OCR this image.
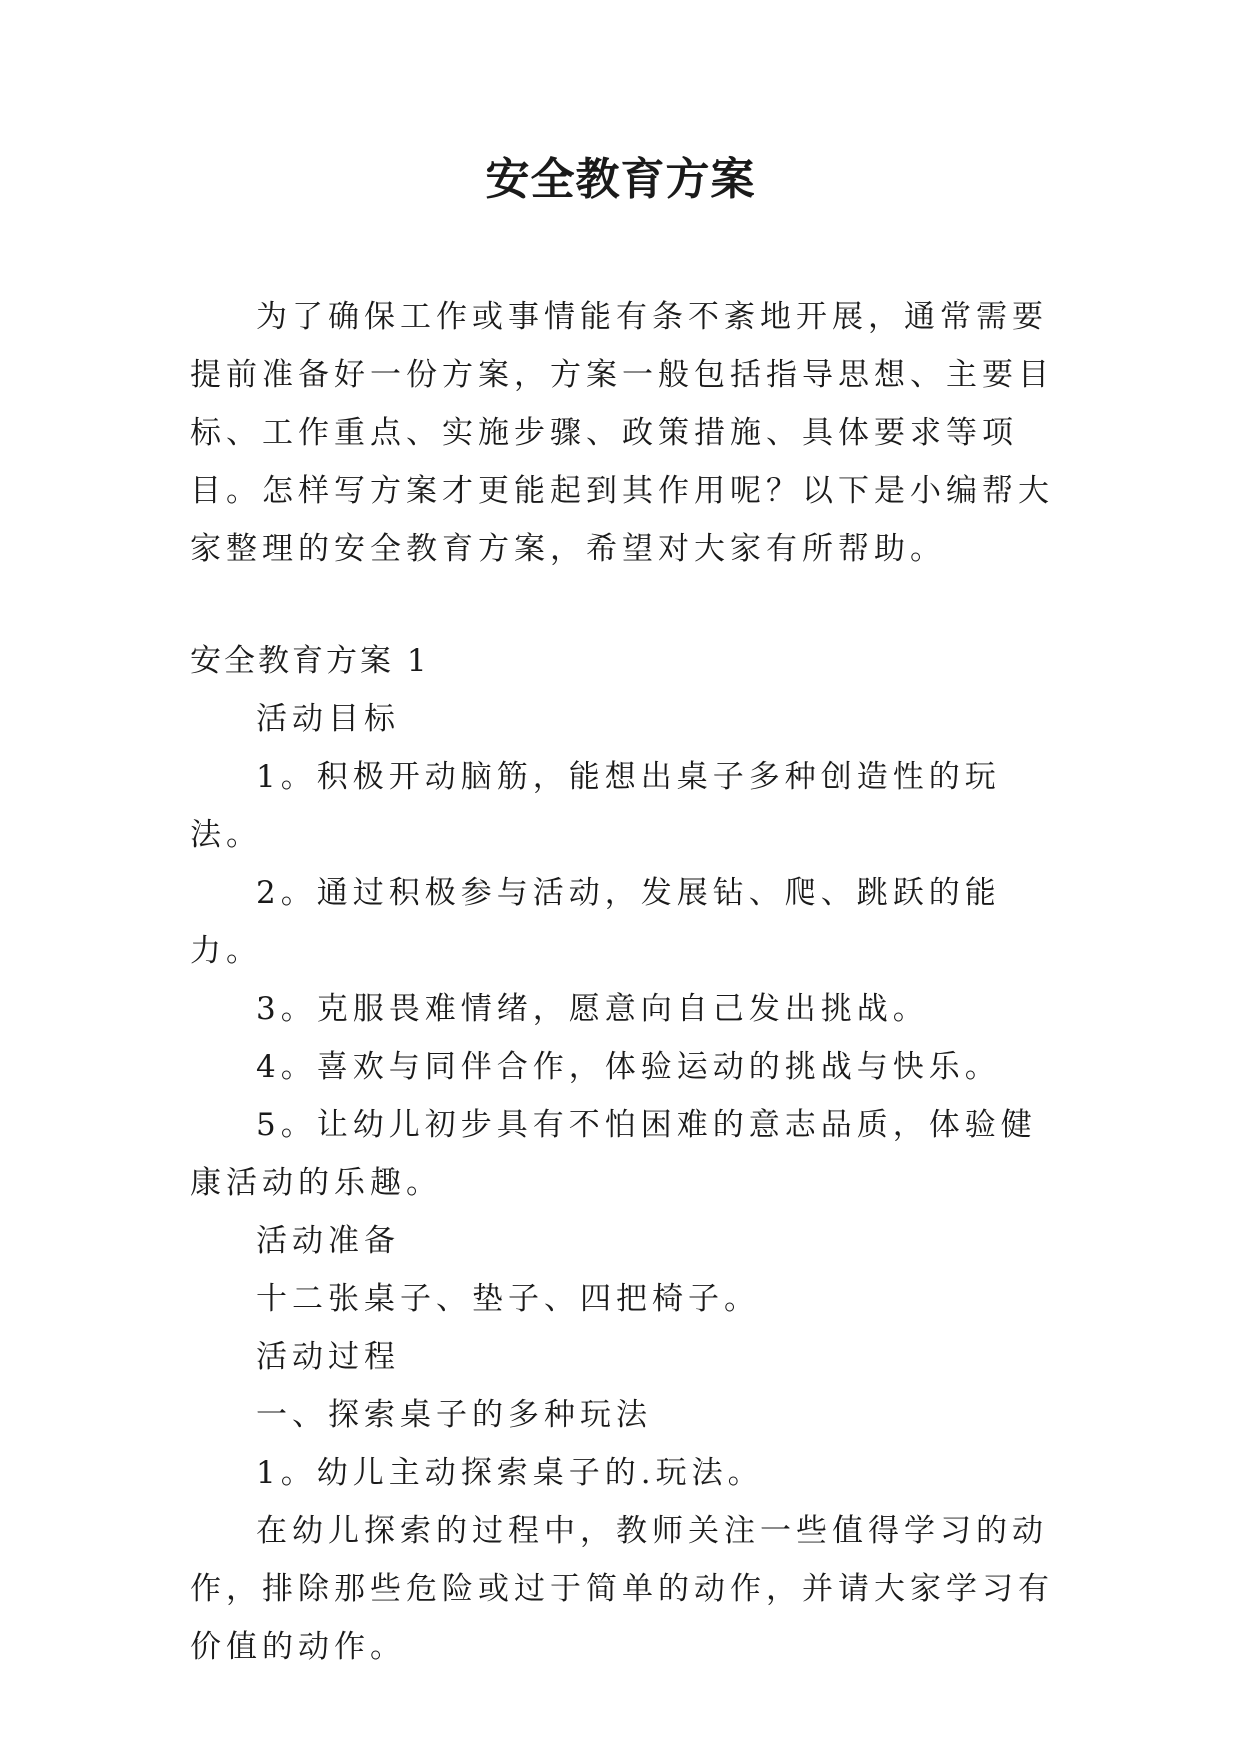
安全教育方案

为了确保工作或事情能有条不紊地开展，通常需要提前准备好一份方案，方案一般包括指导思想、主要目标、工作重点、实施步骤、政策措施、具体要求等项目。怎样写方案才更能起到其作用呢？以下是小编帮大家整理的安全教育方案，希望对大家有所帮助。

安全教育方案 1

活动目标

1。积极开动脑筋，能想出桌子多种创造性的玩法。

2。通过积极参与活动，发展钻、爬、跳跃的能力。

3。克服畏难情绪，愿意向自己发出挑战。

4。喜欢与同伴合作，体验运动的挑战与快乐。

5。让幼儿初步具有不怕困难的意志品质，体验健康活动的乐趣。

活动准备

十二张桌子、垫子、四把椅子。

活动过程

一、探索桌子的多种玩法

1。幼儿主动探索桌子的.玩法。

在幼儿探索的过程中，教师关注一些值得学习的动作，排除那些危险或过于简单的动作，并请大家学习有价值的动作。
